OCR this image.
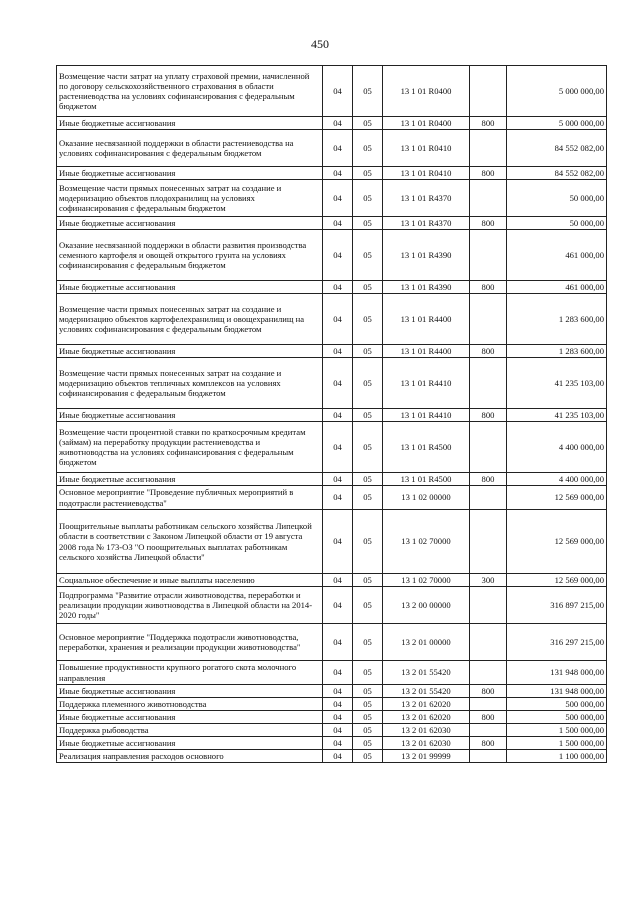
450
Возмещение части затрат на уплату страховой премии, начисленной по договору сельскохозяйственного страхования в области растениеводства на условиях софинансирования с федеральным бюджетом	04	05	13 1 01 R0400		5 000 000,00
Иные бюджетные ассигнования	04	05	13 1 01 R0400	800	5 000 000,00
Оказание несвязанной поддержки в области растениеводства на условиях софинансирования с федеральным бюджетом	04	05	13 1 01 R0410		84 552 082,00
Иные бюджетные ассигнования	04	05	13 1 01 R0410	800	84 552 082,00
Возмещение части прямых понесенных затрат на создание и модернизацию объектов плодохранилищ на условиях софинансирования с федеральным бюджетом	04	05	13 1 01 R4370		50 000,00
Иные бюджетные ассигнования	04	05	13 1 01 R4370	800	50 000,00
Оказание несвязанной поддержки в области развития производства семенного картофеля и овощей открытого грунта на условиях софинансирования с федеральным бюджетом	04	05	13 1 01 R4390		461 000,00
Иные бюджетные ассигнования	04	05	13 1 01 R4390	800	461 000,00
Возмещение части прямых понесенных затрат на создание и модернизацию объектов картофелехранилищ и овощехранилищ на условиях софинансирования с федеральным бюджетом	04	05	13 1 01 R4400		1 283 600,00
Иные бюджетные ассигнования	04	05	13 1 01 R4400	800	1 283 600,00
Возмещение части прямых понесенных затрат на создание и модернизацию объектов тепличных комплексов на условиях софинансирования с федеральным бюджетом	04	05	13 1 01 R4410		41 235 103,00
Иные бюджетные ассигнования	04	05	13 1 01 R4410	800	41 235 103,00
Возмещение части процентной ставки по краткосрочным кредитам (займам) на переработку продукции растениеводства и животноводства на условиях софинансирования с федеральным бюджетом	04	05	13 1 01 R4500		4 400 000,00
Иные бюджетные ассигнования	04	05	13 1 01 R4500	800	4 400 000,00
Основное мероприятие "Проведение публичных мероприятий в подотрасли растениеводства"	04	05	13 1 02 00000		12 569 000,00
Поощрительные выплаты работникам сельского хозяйства Липецкой области в соответствии с Законом Липецкой области от 19 августа 2008 года № 173-ОЗ "О поощрительных выплатах работникам сельского хозяйства Липецкой области"	04	05	13 1 02 70000		12 569 000,00
Социальное обеспечение и иные выплаты населению	04	05	13 1 02 70000	300	12 569 000,00
Подпрограмма "Развитие отрасли животноводства, переработки и реализации продукции животноводства в Липецкой области на 2014-2020 годы"	04	05	13 2 00 00000		316 897 215,00
Основное мероприятие "Поддержка подотрасли животноводства, переработки, хранения и реализации продукции животноводства"	04	05	13 2 01 00000		316 297 215,00
Повышение продуктивности крупного рогатого скота молочного направления	04	05	13 2 01 55420		131 948 000,00
Иные бюджетные ассигнования	04	05	13 2 01 55420	800	131 948 000,00
Поддержка племенного животноводства	04	05	13 2 01 62020		500 000,00
Иные бюджетные ассигнования	04	05	13 2 01 62020	800	500 000,00
Поддержка рыбоводства	04	05	13 2 01 62030		1 500 000,00
Иные бюджетные ассигнования	04	05	13 2 01 62030	800	1 500 000,00
Реализация направления расходов основного	04	05	13 2 01 99999		1 100 000,00
